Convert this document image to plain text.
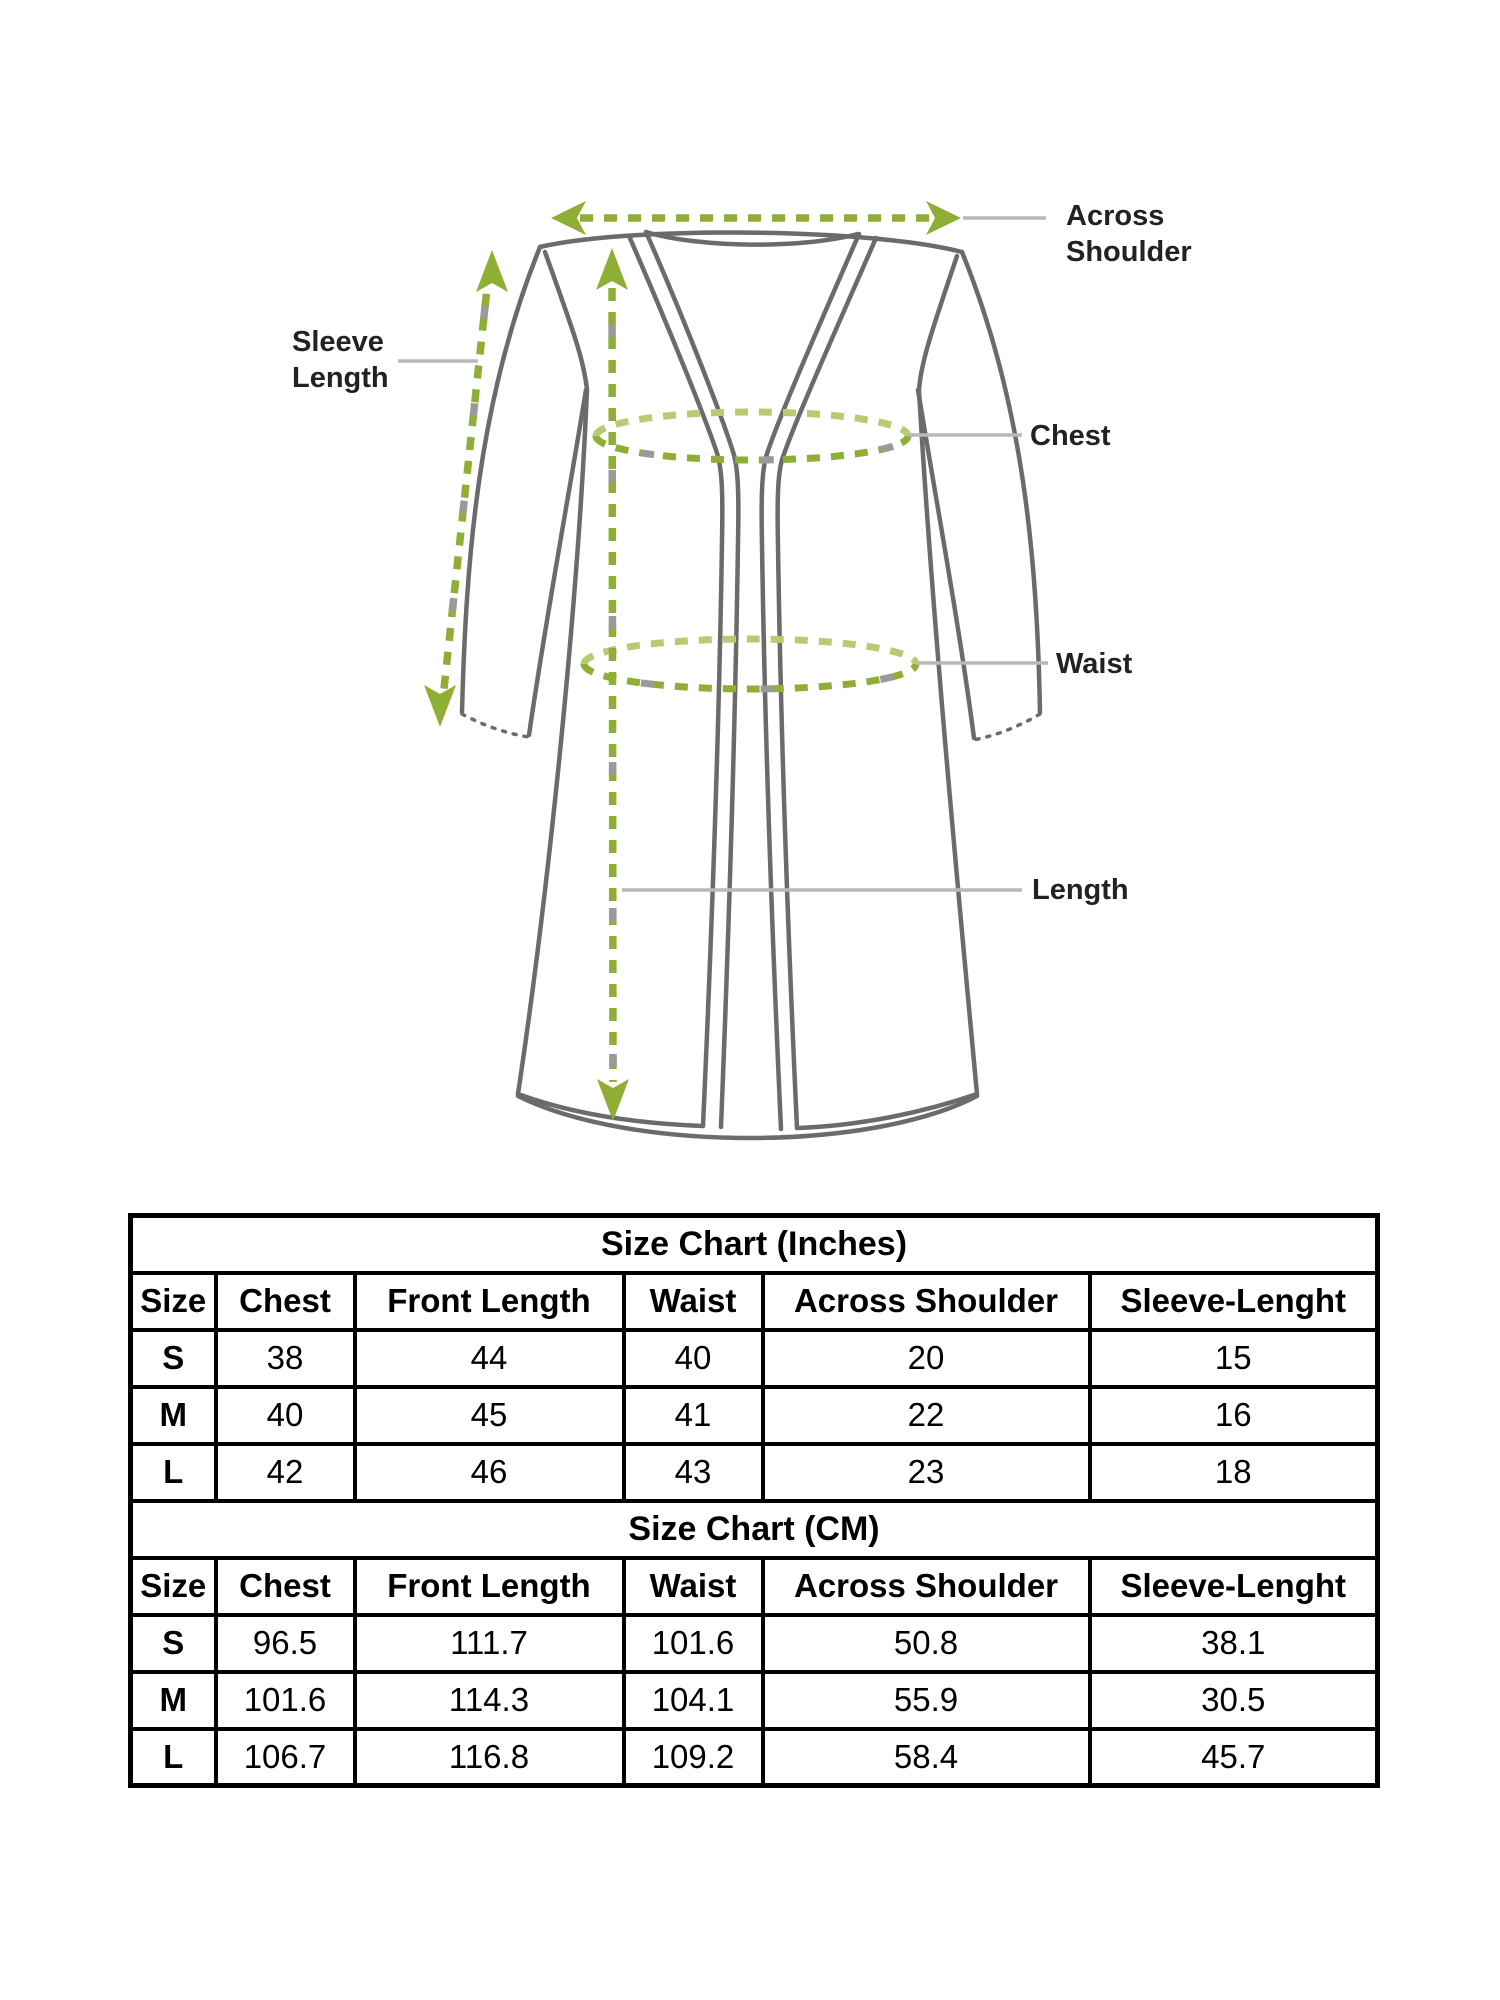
Across
Shoulder
Sleeve
Length
Chest
Waist
Length
Size Chart (Inches)					
Size	Chest	Front Length	Waist	Across Shoulder	Sleeve-Lenght
S	38	44	40	20	15
M	40	45	41	22	16
L	42	46	43	23	18
Size Chart (CM)					
Size	Chest	Front Length	Waist	Across Shoulder	Sleeve-Lenght
S	96.5	111.7	101.6	50.8	38.1
M	101.6	114.3	104.1	55.9	30.5
L	106.7	116.8	109.2	58.4	45.7
